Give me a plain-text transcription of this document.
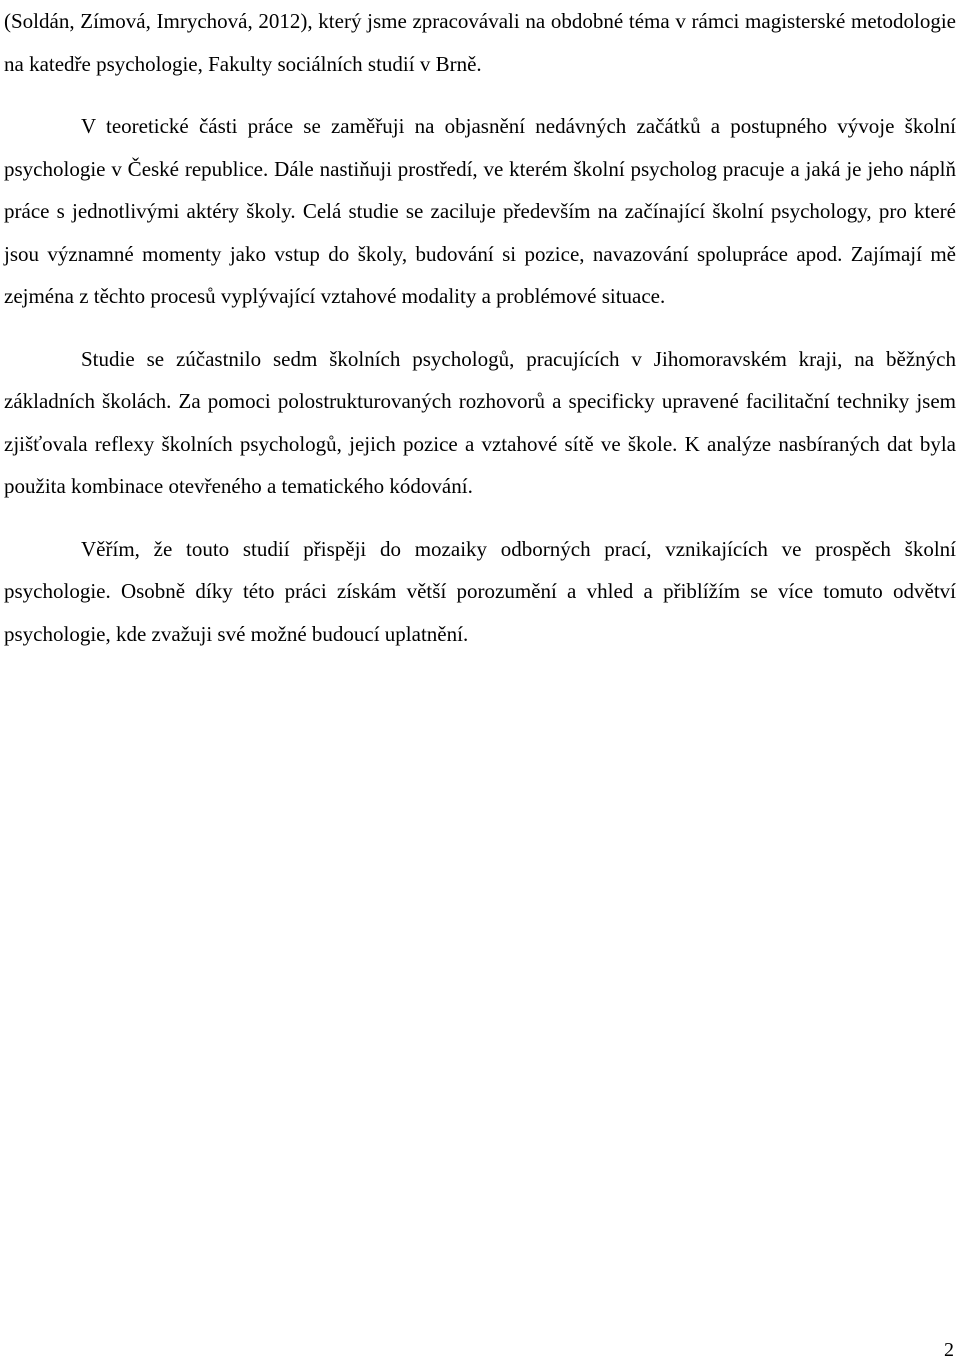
(Soldán, Zímová, Imrychová, 2012), který jsme zpracovávali na obdobné téma v rámci magisterské metodologie na katedře psychologie, Fakulty sociálních studií v Brně.

V teoretické části práce se zaměřuji na objasnění nedávných začátků a postupného vývoje školní psychologie v České republice. Dále nastiňuji prostředí, ve kterém školní psycholog pracuje a jaká je jeho náplň práce s jednotlivými aktéry školy. Celá studie se zaciluje především na začínající školní psychology, pro které jsou významné momenty jako vstup do školy, budování si pozice, navazování spolupráce apod. Zajímají mě zejména z těchto procesů vyplývající vztahové modality a problémové situace.

Studie se zúčastnilo sedm školních psychologů, pracujících v Jihomoravském kraji, na běžných základních školách. Za pomoci polostrukturovaných rozhovorů a specificky upravené facilitační techniky jsem zjišťovala reflexy školních psychologů, jejich pozice a vztahové sítě ve škole. K analýze nasbíraných dat byla použita kombinace otevřeného a tematického kódování.

Věřím, že touto studií přispěji do mozaiky odborných prací, vznikajících ve prospěch školní psychologie. Osobně díky této práci získám větší porozumění a vhled a přiblížím se více tomuto odvětví psychologie, kde zvažuji své možné budoucí uplatnění.

2
